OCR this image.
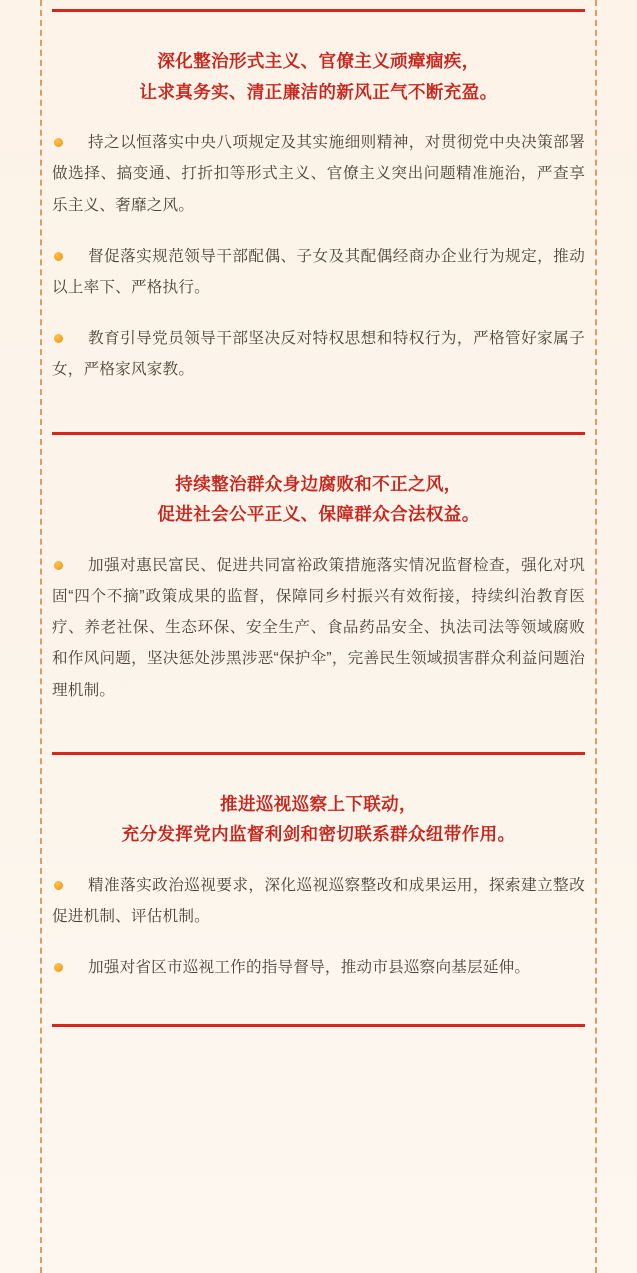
深化整治形式主义、官僚主义顽瘴痼疾，
让求真务实、清正廉洁的新风正气不断充盈。

持之以恒落实中央八项规定及其实施细则精神，对贯彻党中央决策部署做选择、搞变通、打折扣等形式主义、官僚主义突出问题精准施治，严查享乐主义、奢靡之风。

督促落实规范领导干部配偶、子女及其配偶经商办企业行为规定，推动以上率下、严格执行。

教育引导党员领导干部坚决反对特权思想和特权行为，严格管好家属子女，严格家风家教。

持续整治群众身边腐败和不正之风，
促进社会公平正义、保障群众合法权益。

加强对惠民富民、促进共同富裕政策措施落实情况监督检查，强化对巩固“四个不摘”政策成果的监督，保障同乡村振兴有效衔接，持续纠治教育医疗、养老社保、生态环保、安全生产、食品药品安全、执法司法等领域腐败和作风问题，坚决惩处涉黑涉恶“保护伞”，完善民生领域损害群众利益问题治理机制。

推进巡视巡察上下联动，
充分发挥党内监督利剑和密切联系群众纽带作用。

精准落实政治巡视要求，深化巡视巡察整改和成果运用，探索建立整改促进机制、评估机制。

加强对省区市巡视工作的指导督导，推动市县巡察向基层延伸。
